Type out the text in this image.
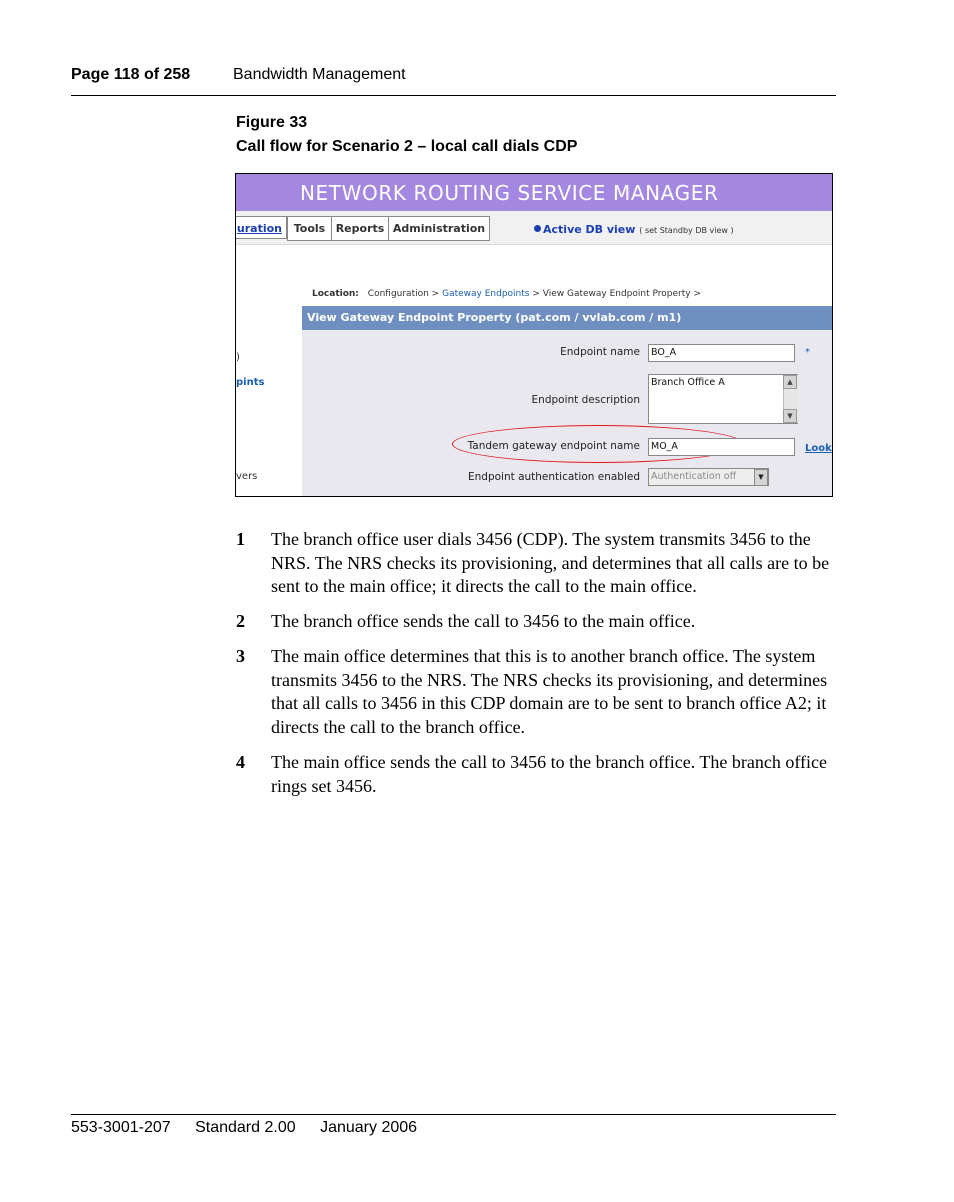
Page 118 of 258	Bandwidth Management
Figure 33
Call flow for Scenario 2 – local call dials CDP
NETWORK ROUTING SERVICE MANAGER
uration	Tools Reports Administration	Active DB view ( set Standby DB view )
)
pints
vers
Location: Configuration > Gateway Endpoints > View Gateway Endpoint Property >
View Gateway Endpoint Property (pat.com / vvlab.com / m1)
Endpoint name	BO_A	*
Endpoint description
Branch Office A	▲
▼
Tandem gateway endpoint name	MO_A	Look
Endpoint authentication enabled	Authentication off	▼
1 The branch office user dials 3456 (CDP). The system transmits 3456 to the NRS. The NRS checks its provisioning, and determines that all calls are to be sent to the main office; it directs the call to the main office.
2 The branch office sends the call to 3456 to the main office.
3 The main office determines that this is to another branch office. The system transmits 3456 to the NRS. The NRS checks its provisioning, and determines that all calls to 3456 in this CDP domain are to be sent to branch office A2; it directs the call to the branch office.
4 The main office sends the call to 3456 to the branch office. The branch office rings set 3456.
553-3001-207 Standard 2.00 January 2006
